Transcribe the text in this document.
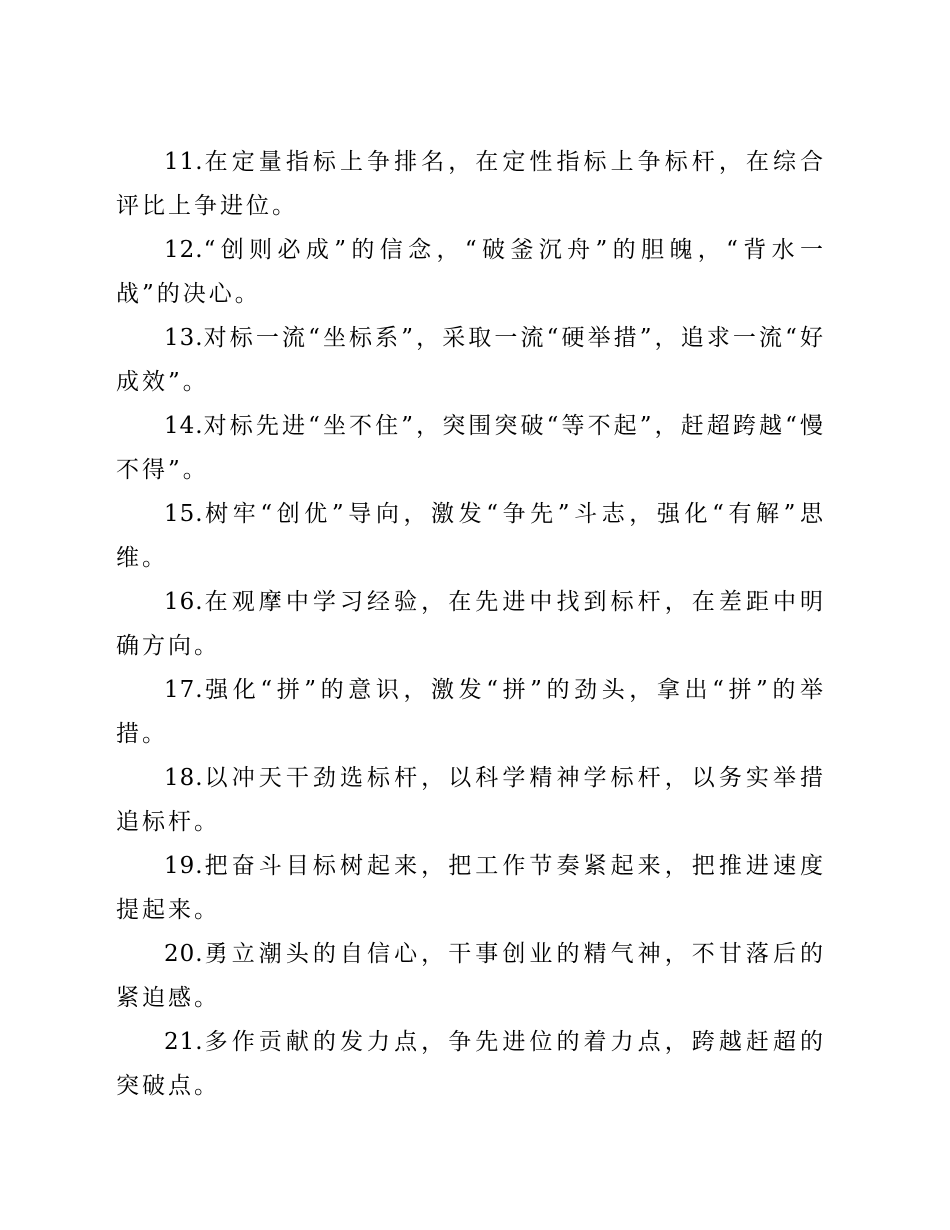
11.在定量指标上争排名，在定性指标上争标杆，在综合评比上争进位。

12.“创则必成”的信念，“破釜沉舟”的胆魄，“背水一战”的决心。

13.对标一流“坐标系”，采取一流“硬举措”，追求一流“好成效”。

14.对标先进“坐不住”，突围突破“等不起”，赶超跨越“慢不得”。

15.树牢“创优”导向，激发“争先”斗志，强化“有解”思维。

16.在观摩中学习经验，在先进中找到标杆，在差距中明确方向。

17.强化“拼”的意识，激发“拼”的劲头，拿出“拼”的举措。

18.以冲天干劲选标杆，以科学精神学标杆，以务实举措追标杆。

19.把奋斗目标树起来，把工作节奏紧起来，把推进速度提起来。

20.勇立潮头的自信心，干事创业的精气神，不甘落后的紧迫感。

21.多作贡献的发力点，争先进位的着力点，跨越赶超的突破点。
